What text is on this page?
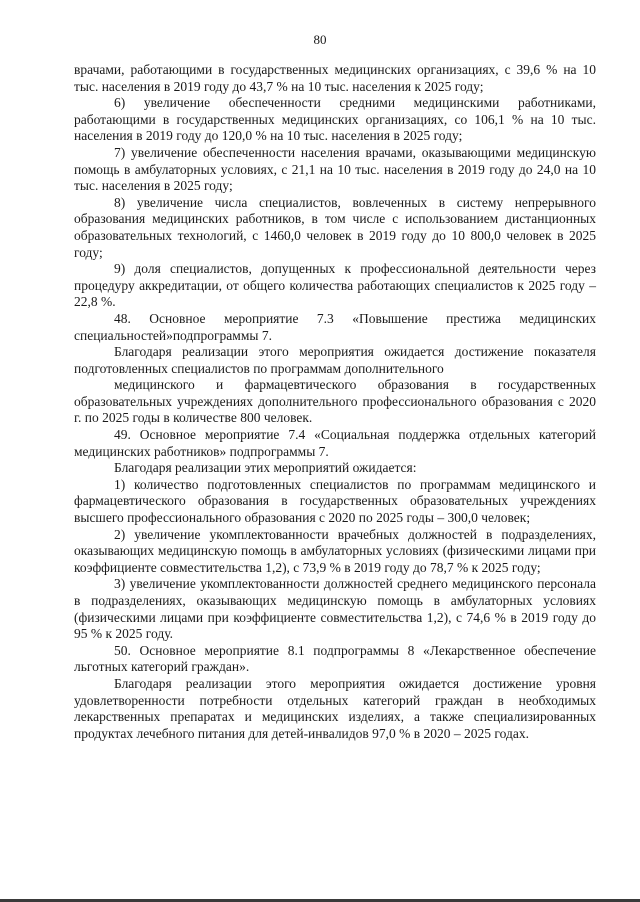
80

врачами, работающими в государственных медицинских организациях, с 39,6 % на 10 тыс. населения в 2019 году до 43,7 % на 10 тыс. населения к 2025 году;

6) увеличение обеспеченности средними медицинскими работниками, работающими в государственных медицинских организациях, со 106,1 % на 10 тыс. населения в 2019 году до 120,0 % на 10 тыс. населения в 2025 году;

7) увеличение обеспеченности населения врачами, оказывающими медицинскую помощь в амбулаторных условиях, с 21,1 на 10 тыс. населения в 2019 году до 24,0 на 10 тыс. населения в 2025 году;

8) увеличение числа специалистов, вовлеченных в систему непрерывного образования медицинских работников, в том числе с использованием дистанционных образовательных технологий, с 1460,0 человек в 2019 году до 10 800,0 человек в 2025 году;

9) доля специалистов, допущенных к профессиональной деятельности через процедуру аккредитации, от общего количества работающих специалистов к 2025 году – 22,8 %.

48. Основное мероприятие 7.3 «Повышение престижа медицинских специальностей»подпрограммы 7.

Благодаря реализации этого мероприятия ожидается достижение показателя подготовленных специалистов по программам дополнительного

медицинского и фармацевтического образования в государственных образовательных учреждениях дополнительного профессионального образования с 2020 г. по 2025 годы в количестве 800 человек.

49. Основное мероприятие 7.4 «Социальная поддержка отдельных категорий медицинских работников» подпрограммы 7.

Благодаря реализации этих мероприятий ожидается:

1) количество подготовленных специалистов по программам медицинского и фармацевтического образования в государственных образовательных учреждениях высшего профессионального образования с 2020 по 2025 годы – 300,0 человек;

2) увеличение укомплектованности врачебных должностей в подразделениях, оказывающих медицинскую помощь в амбулаторных условиях (физическими лицами при коэффициенте совместительства 1,2), с 73,9 % в 2019 году до 78,7 % к 2025 году;

3) увеличение укомплектованности должностей среднего медицинского персонала в подразделениях, оказывающих медицинскую помощь в амбулаторных условиях (физическими лицами при коэффициенте совместительства 1,2), с 74,6 % в 2019 году до 95 % к 2025 году.

50. Основное мероприятие 8.1 подпрограммы 8 «Лекарственное обеспечение льготных категорий граждан».

Благодаря реализации этого мероприятия ожидается достижение уровня удовлетворенности потребности отдельных категорий граждан в необходимых лекарственных препаратах и медицинских изделиях, а также специализированных продуктах лечебного питания для детей-инвалидов 97,0 % в 2020 – 2025 годах.
